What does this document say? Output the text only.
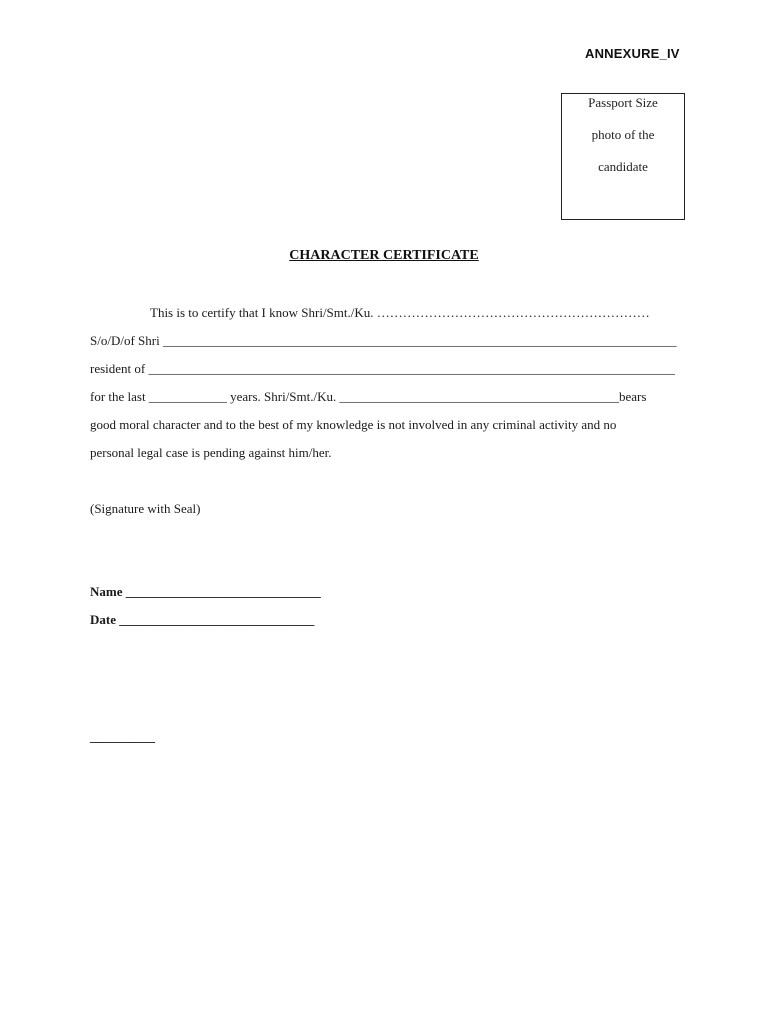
ANNEXURE_IV
Passport Size
photo of the
candidate
CHARACTER CERTIFICATE
This is to certify that I know Shri/Smt./Ku. ………………………………………………………
S/o/D/of Shri _______________________________________________________________________________
resident of _________________________________________________________________________________
for the last ____________ years. Shri/Smt./Ku. ___________________________________________bears
good moral character and to the best of my knowledge is not involved in any criminal activity and no
personal legal case is pending against him/her.
(Signature with Seal)
Name ______________________________
Date ______________________________
__________
